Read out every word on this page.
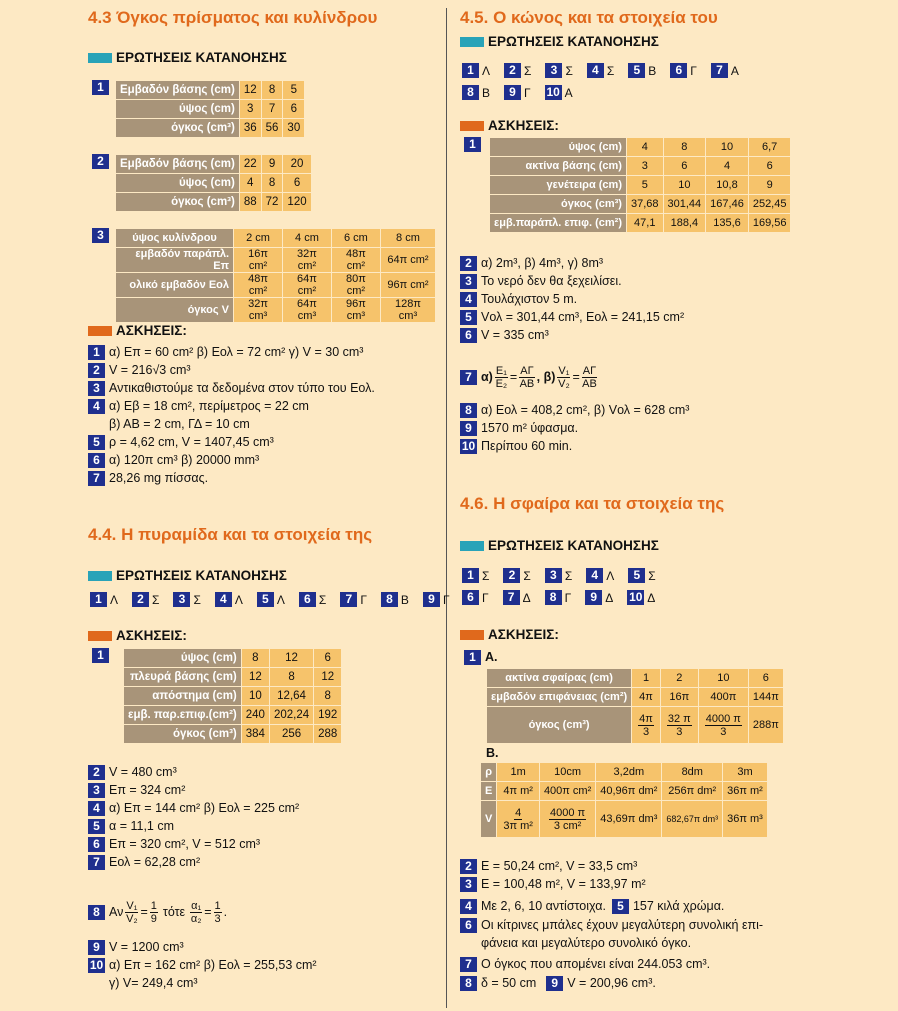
4.3 Όγκος πρίσματος και κυλίνδρου
ΕΡΩΤΗΣΕΙΣ ΚΑΤΑΝΟΗΣΗΣ
1	Εμβαδόν βάσης (cm)	12	8	5
ύψος (cm)	3	7	6
όγκος (cm³)	36	56	30
2	Εμβαδόν βάσης (cm)	22	9	20
ύψος (cm)	4	8	6
όγκος (cm³)	88	72	120
3	ύψος κυλίνδρου	2 cm	4 cm	6 cm	8 cm
εμβαδόν παράπλ. Επ	16π cm²	32π cm²	48π cm²	64π cm²
ολικό εμβαδόν Εολ	48π cm²	64π cm²	80π cm²	96π cm²
όγκος V	32π cm³	64π cm³	96π cm³	128π cm³
ΑΣΚΗΣΕΙΣ :
1 α) Επ = 60 cm² β) Εολ = 72 cm² γ) V = 30 cm³
2 V = 216√3 cm³
3 Αντικαθιστούμε τα δεδομένα στον τύπο του Εολ.
4 α) Εβ = 18 cm², περίμετρος = 22 cm
β) ΑΒ = 2 cm, ΓΔ = 10 cm
5 ρ = 4,62 cm, V = 1407,45 cm³
6 α) 120π cm³ β) 20000 mm³
7 28,26 mg πίσσας.
4.4. Η πυραμίδα και τα στοιχεία της
ΕΡΩΤΗΣΕΙΣ ΚΑΤΑΝΟΗΣΗΣ
1 Λ	2 Σ	3 Σ	4 Λ	5 Λ	6 Σ	7 Γ	8 Β	9 Γ
ΑΣΚΗΣΕΙΣ :
1	ύψος (cm)	8	12	6
πλευρά βάσης (cm)	12	8	12
απόστημα (cm)	10	12,64	8
εμβ. παρ.επιφ.(cm²)	240	202,24	192
όγκος (cm³)	384	256	288
2 V = 480 cm³
3 Επ = 324 cm²
4 α) Επ = 144 cm² β) Εολ = 225 cm²
5 α = 11,1 cm
6 Επ = 320 cm², V = 512 cm³
7 Εολ = 62,28 cm²
8 Αν $\frac{\text{V₁}}{\text{V₂}} = \frac{1}{9}$ τότε $\frac{\text{α₁}}{\text{α₂}} = \frac{1}{3}$ .
9 V = 1200 cm³
10 α) Επ = 162 cm² β) Εολ = 255,53 cm²
γ) V= 249,4 cm³
4.5. Ο κώνος και τα στοιχεία του
ΕΡΩΤΗΣΕΙΣ ΚΑΤΑΝΟΗΣΗΣ
1 Λ	2 Σ	3 Σ	4 Σ	5 Β	6 Γ	7 Α
8 Β	9 Γ 10 Α
ΑΣΚΗΣΕΙΣ :
1	ύψος (cm)	4	8	10	6,7
ακτίνα βάσης (cm)	3	6	4	6
γενέτειρα (cm)	5	10	10,8	9
όγκος (cm³)	37,68	301,44	167,46	252,45
εμβ.παράπλ. επιφ. (cm²)	47,1	188,4	135,6	169,56
2 α) 2m³, β) 4m³, γ) 8m³
3 Το νερό δεν θα ξεχειλίσει.
4 Τουλάχιστον 5 m.
5 Vολ = 301,44 cm³, Εολ = 241,15 cm²
6 V = 335 cm³
7 $\alpha) \frac{\text{Ε₁}}{\text{Ε₂}} = \frac{A\Gamma}{AB}$ , $\beta) \frac{\text{V₁}}{\text{V₂}} = \frac{A\Gamma}{AB}$
8 α) Εολ = 408,2 cm², β) Vολ = 628 cm³
9 1570 m² ύφασμα.
10 Περίπου 60 min.
4.6. Η σφαίρα και τα στοιχεία της
ΕΡΩΤΗΣΕΙΣ ΚΑΤΑΝΟΗΣΗΣ
1 Σ	2 Σ	3 Σ	4 Λ	5 Σ
6 Γ	7 Δ	8 Γ	9 Δ 10 Δ
ΑΣΚΗΣΕΙΣ :
1 Α.
ακτίνα σφαίρας (cm)	1	2	10	6
εμβαδόν επιφάνειας (cm²)	4π	16π	400π	144π
όγκος (cm³)	$\frac{4\pi}{3}$	$\frac{32 \pi}{3}$	$\frac{4000 \pi}{3}$	288π
Β.
ρ	1m	10cm	3,2dm	8dm	3m
Ε	4π m²	400π cm²	40,96π dm²	256π dm²	36π m²
V	$\frac{4}{\text{3π m²}}$	$\frac{4000 \pi}{\text{3 cm²}}$	43,69π dm³	682,67π dm³	36π m³
2 Ε = 50,24 cm², V = 33,5 cm³
3 Ε = 100,48 m², V = 133,97 m²
4 Με 2, 6, 10 αντίστοιχα. 5 157 κιλά χρώμα.
6 Οι κίτρινες μπάλες έχουν μεγαλύτερη συνολική επι-
φάνεια και μεγαλύτερο συνολικό όγκο.
7 Ο όγκος που απομένει είναι 244.053 cm³.
8 δ = 50 cm	9 V = 200,96 cm³.
